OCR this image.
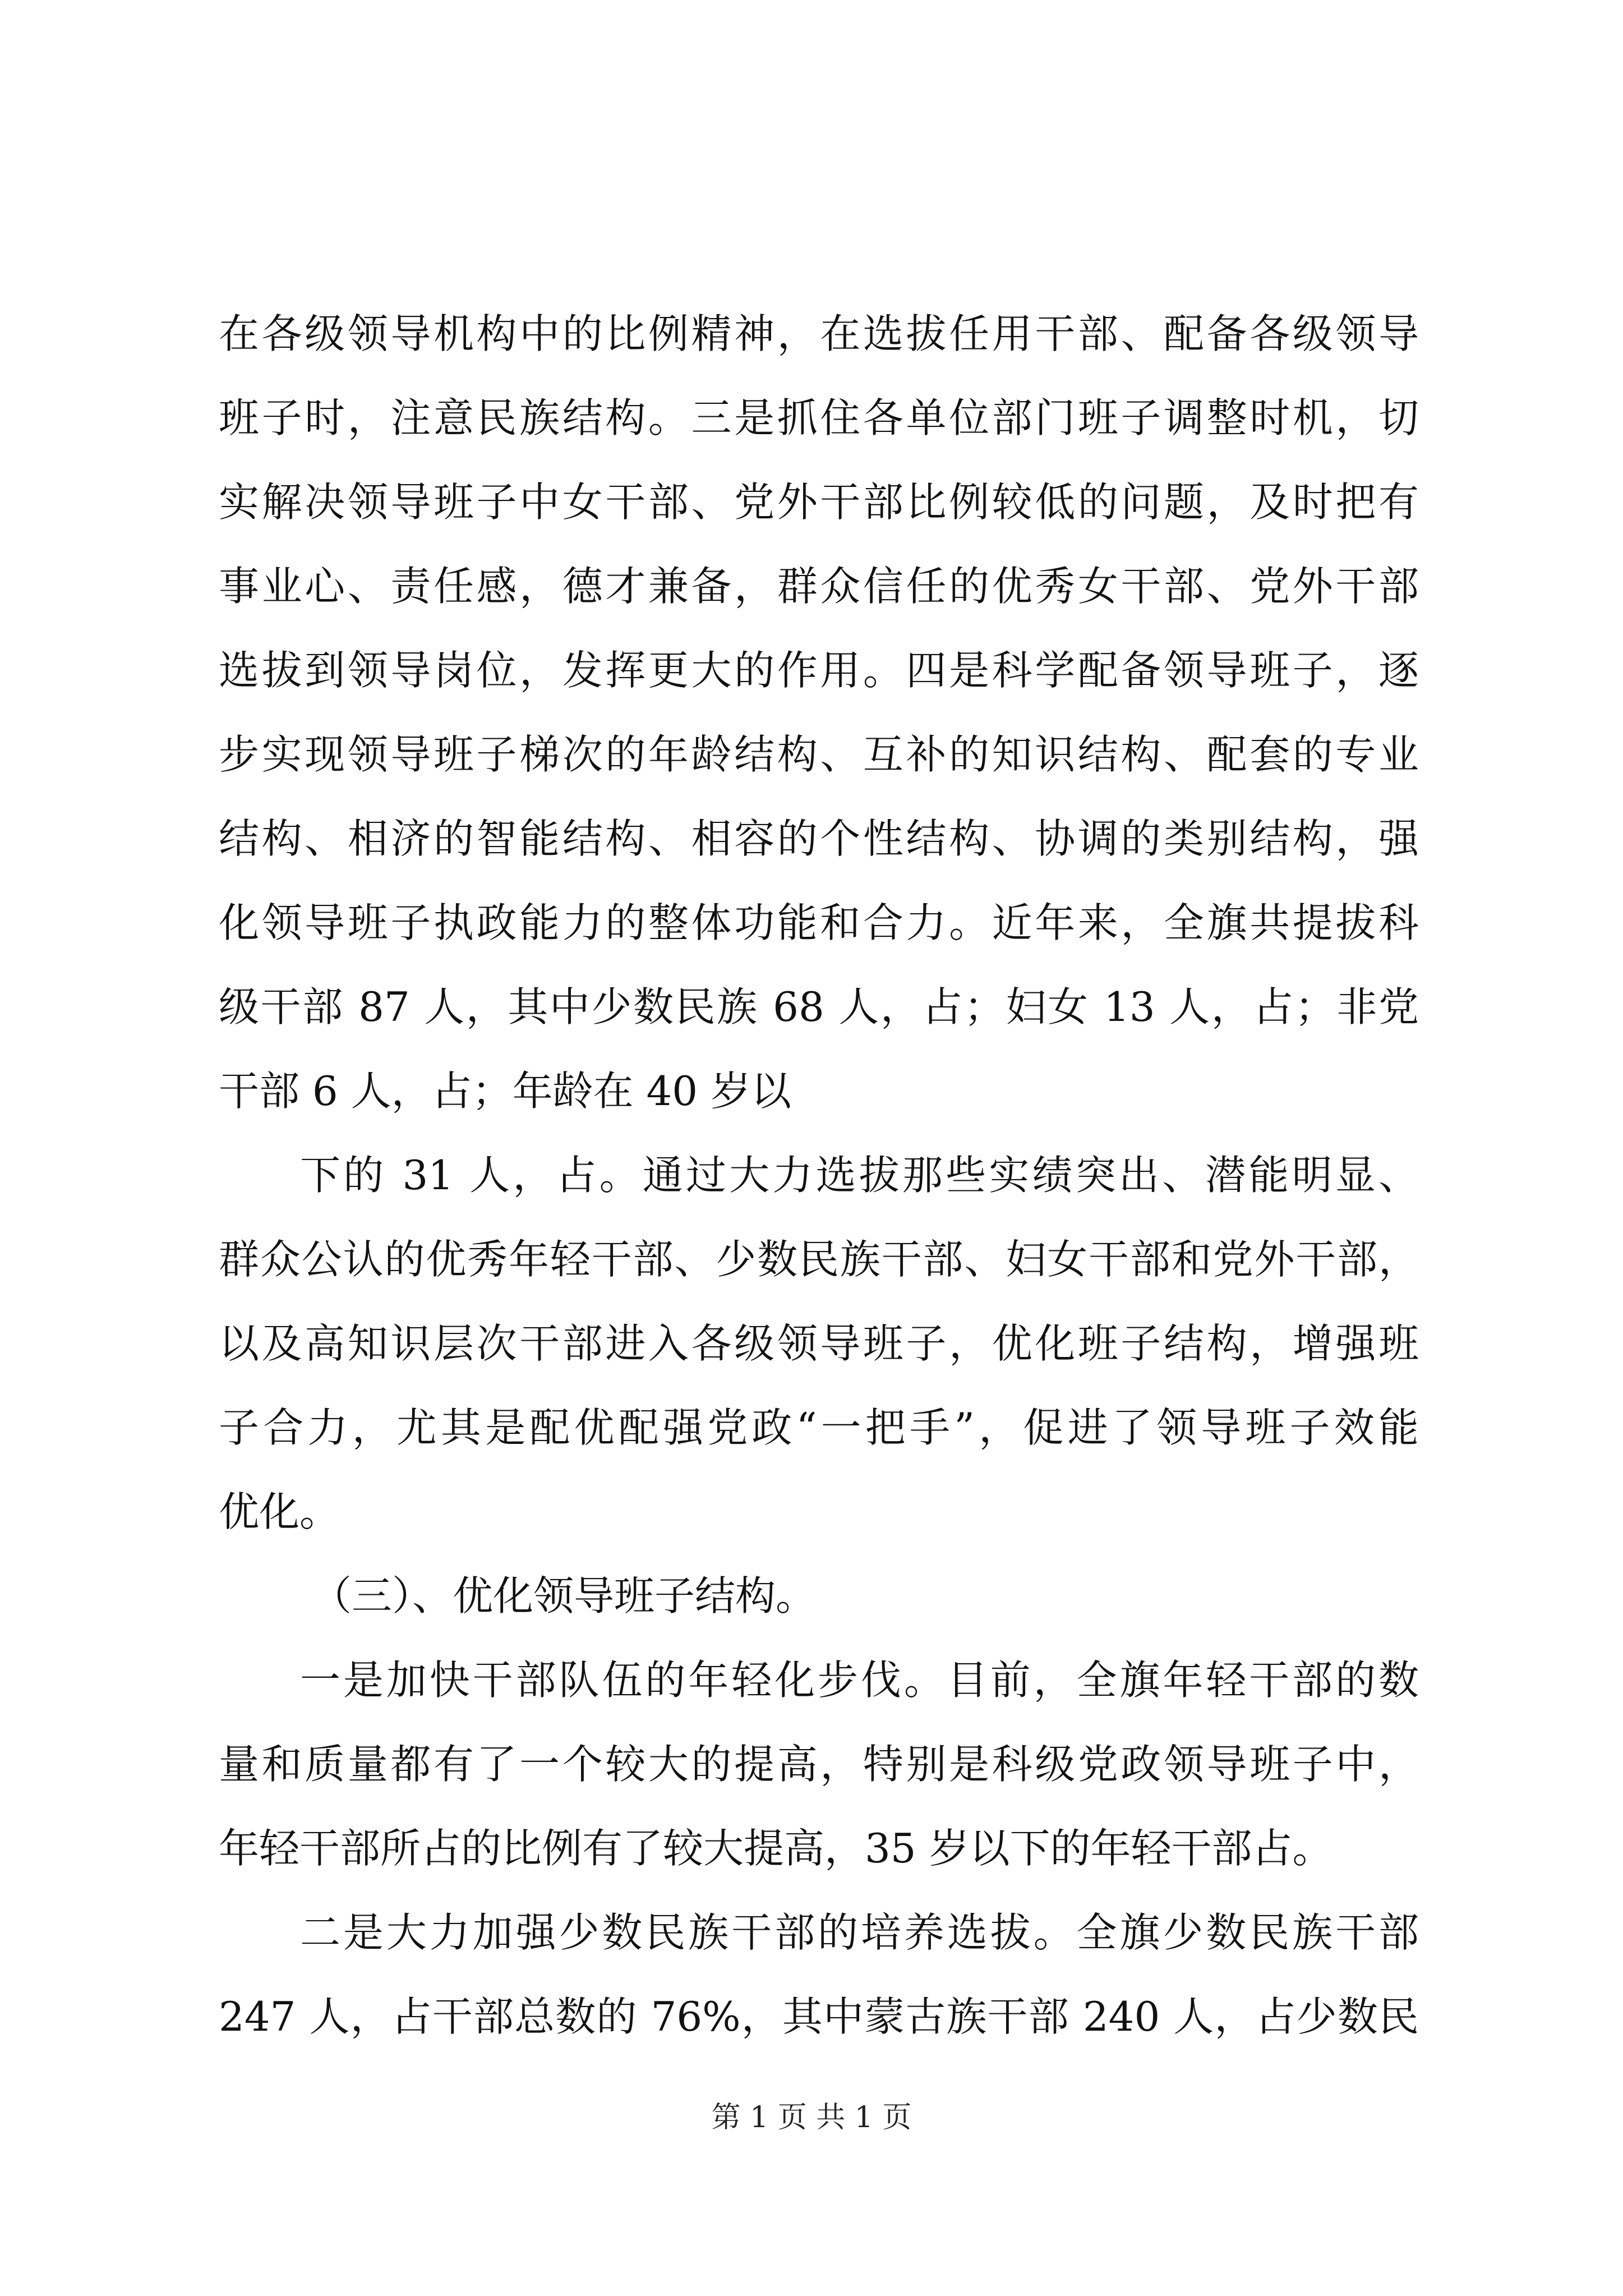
在各级领导机构中的比例精神，在选拔任用干部、配备各级领导
班子时，注意民族结构。三是抓住各单位部门班子调整时机，切
实解决领导班子中女干部、党外干部比例较低的问题，及时把有
事业心、责任感，德才兼备，群众信任的优秀女干部、党外干部
选拔到领导岗位，发挥更大的作用。四是科学配备领导班子，逐
步实现领导班子梯次的年龄结构、互补的知识结构、配套的专业
结构、相济的智能结构、相容的个性结构、协调的类别结构，强
化领导班子执政能力的整体功能和合力。近年来，全旗共提拔科
级干部 87 人，其中少数民族 68 人，占；妇女 13 人，占；非党
干部 6 人，占；年龄在 40 岁以
下的 31 人，占。通过大力选拔那些实绩突出、潜能明显、
群众公认的优秀年轻干部、少数民族干部、妇女干部和党外干部，
以及高知识层次干部进入各级领导班子，优化班子结构，增强班
子合力，尤其是配优配强党政“一把手”，促进了领导班子效能
优化。
（三）、优化领导班子结构。
一是加快干部队伍的年轻化步伐。目前，全旗年轻干部的数
量和质量都有了一个较大的提高，特别是科级党政领导班子中，
年轻干部所占的比例有了较大提高，35 岁以下的年轻干部占。
二是大力加强少数民族干部的培养选拔。全旗少数民族干部
247 人，占干部总数的 76%，其中蒙古族干部 240 人，占少数民
第 1 页 共 1 页
